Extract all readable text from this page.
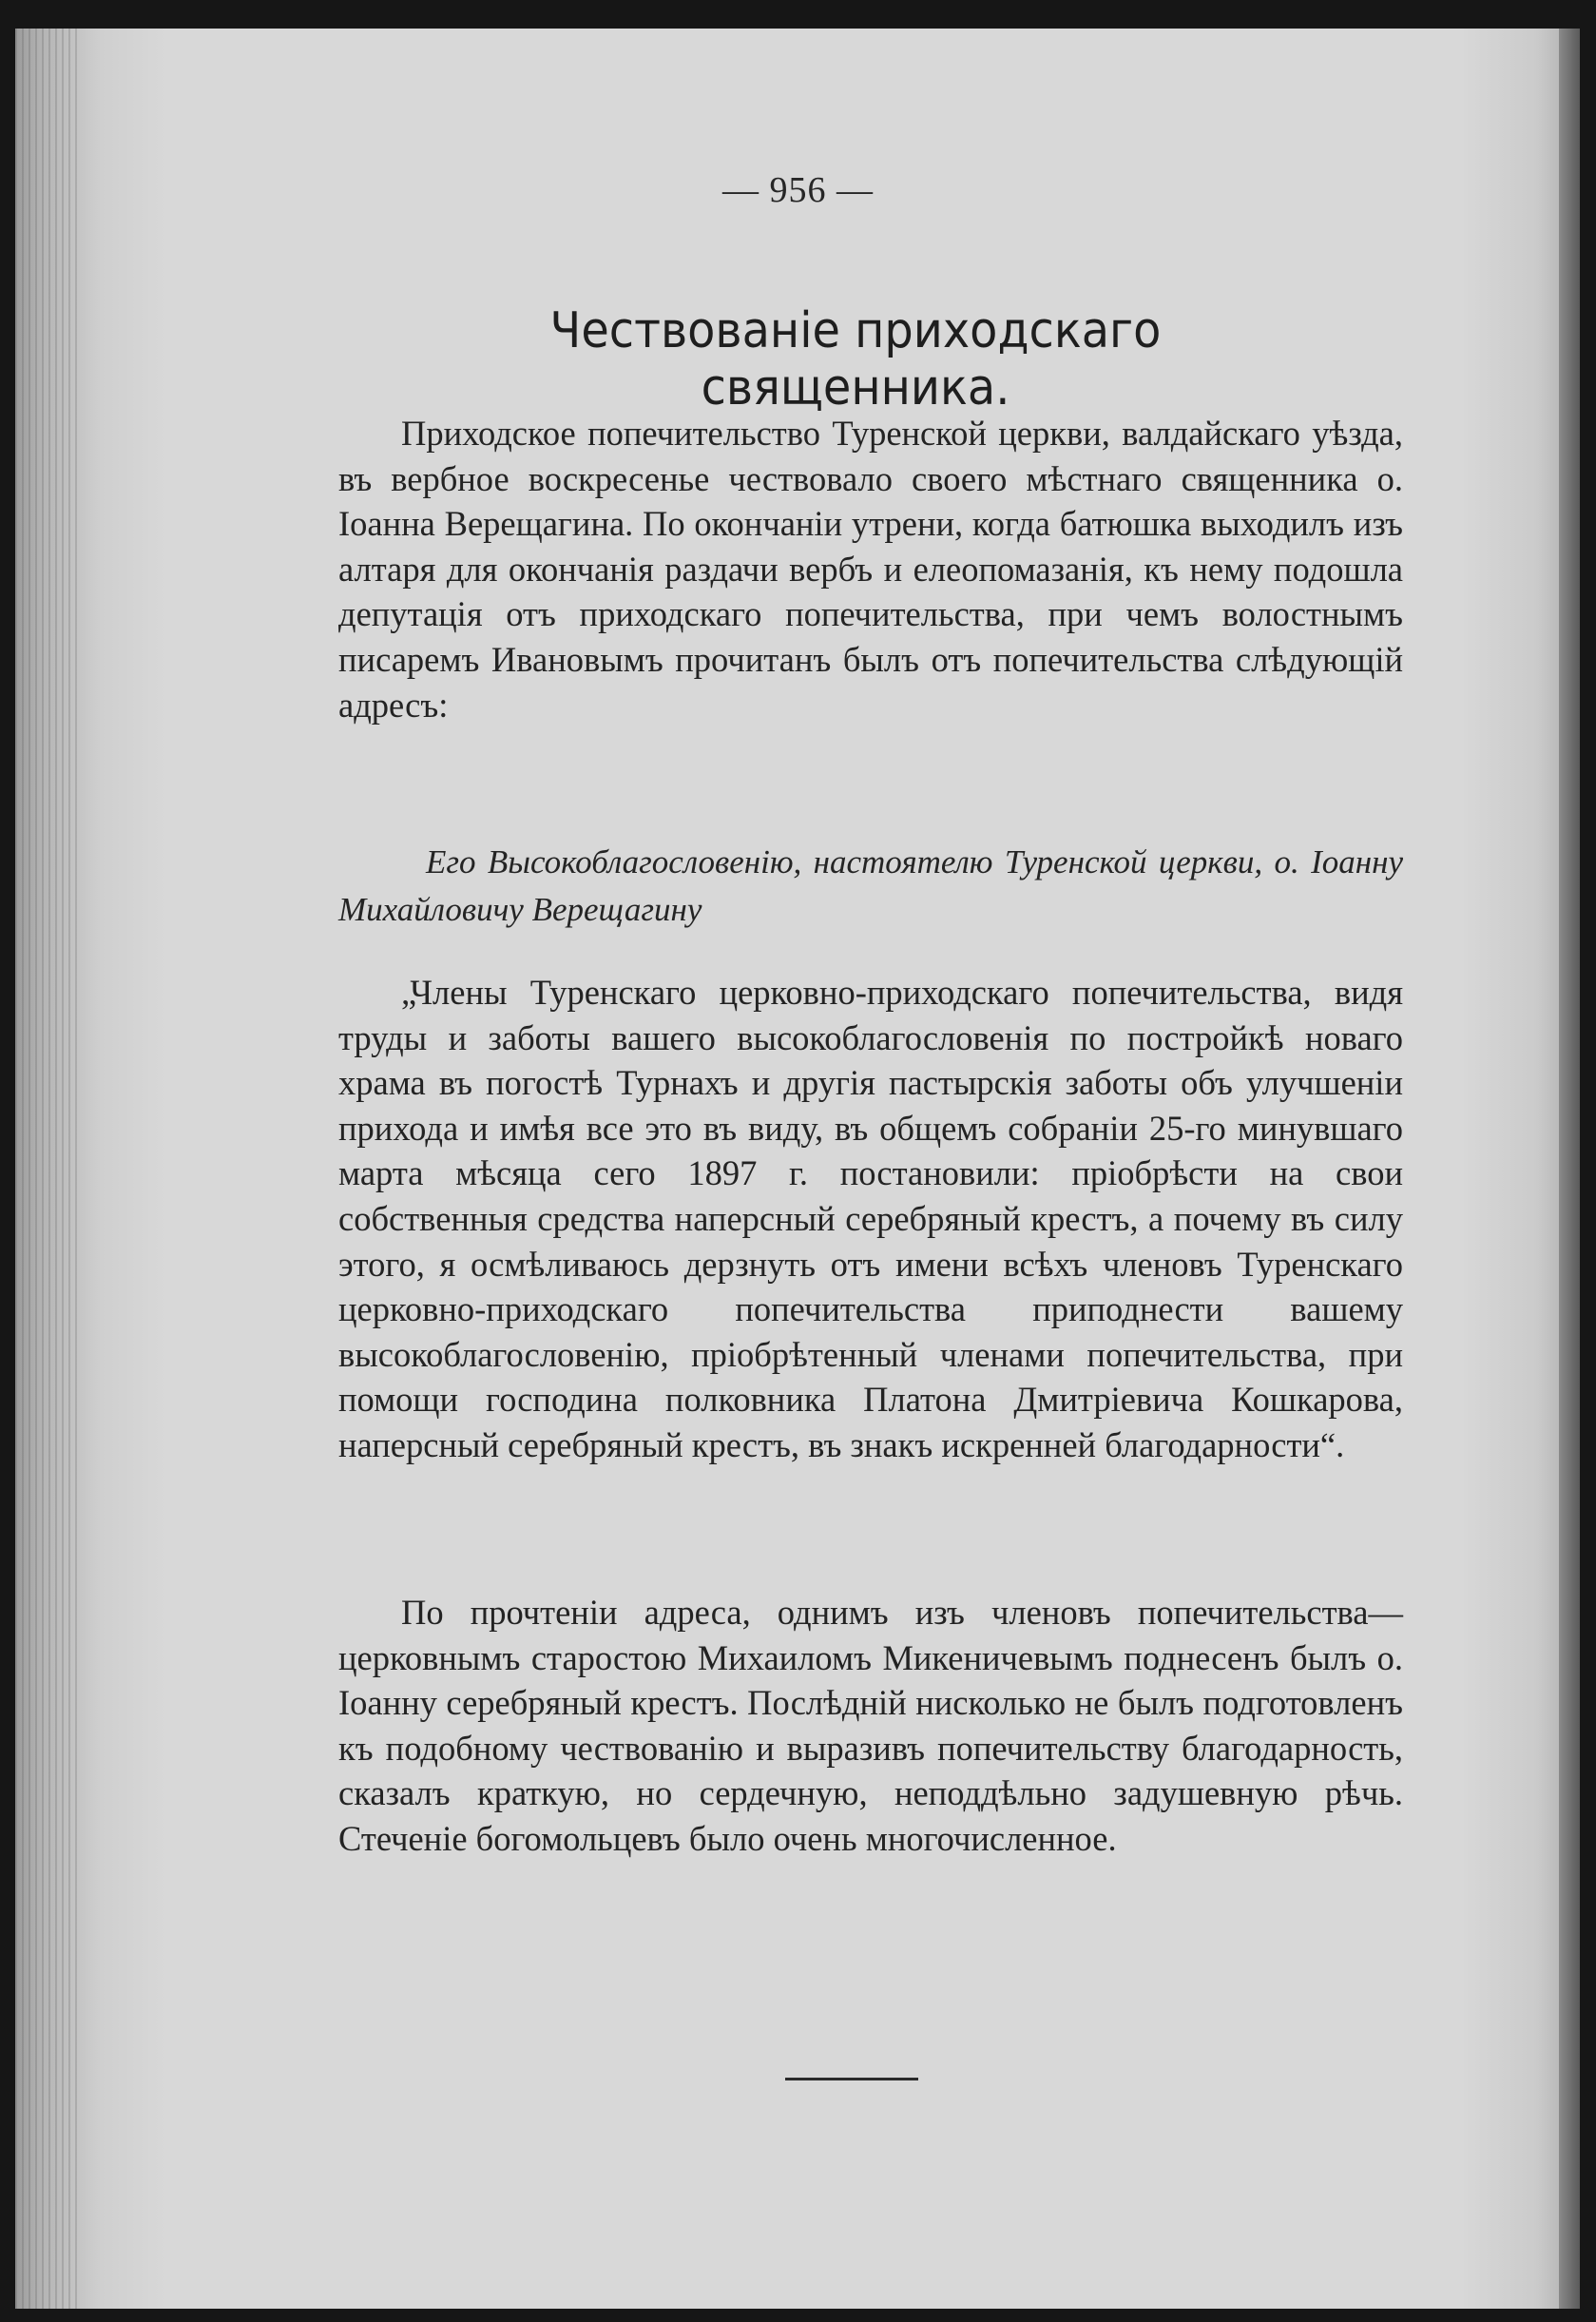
— 956 —
Чествованіе приходскаго священника.

Приходское попечительство Туренской церкви, валдайскаго уѣзда, въ вербное воскресенье чествовало своего мѣстнаго священника о. Іоанна Верещагина. По окончаніи утрени, когда батюшка выходилъ изъ алтаря для окончанія раздачи вербъ и елеопомазанія, къ нему подошла депутація отъ приходскаго попечительства, при чемъ волостнымъ писаремъ Ивановымъ прочитанъ былъ отъ попечительства слѣдующій адресъ:

Его Высокоблагословенію, настоятелю Туренской церкви, о. Іоанну Михайловичу Верещагину

„Члены Туренскаго церковно-приходскаго попечительства, видя труды и заботы вашего высокоблагословенія по постройкѣ новаго храма въ погостѣ Турнахъ и другія пастырскія заботы объ улучшеніи прихода и имѣя все это въ виду, въ общемъ собраніи 25-го минувшаго марта мѣсяца сего 1897 г. постановили: пріобрѣсти на свои собственныя средства наперсный серебряный крестъ, а почему въ силу этого, я осмѣливаюсь дерзнуть отъ имени всѣхъ членовъ Туренскаго церковно-приходскаго попечительства приподнести вашему высокоблагословенію, пріобрѣтенный членами попечительства, при помощи господина полковника Платона Дмитріевича Кошкарова, наперсный серебряный крестъ, въ знакъ искренней благодарности“.

По прочтеніи адреса, однимъ изъ членовъ попечительства—церковнымъ старостою Михаиломъ Микеничевымъ поднесенъ былъ о. Іоанну серебряный крестъ. Послѣдній нисколько не былъ подготовленъ къ подобному чествованію и выразивъ попечительству благодарность, сказалъ краткую, но сердечную, неподдѣльно задушевную рѣчь. Стеченіе богомольцевъ было очень многочисленное.
